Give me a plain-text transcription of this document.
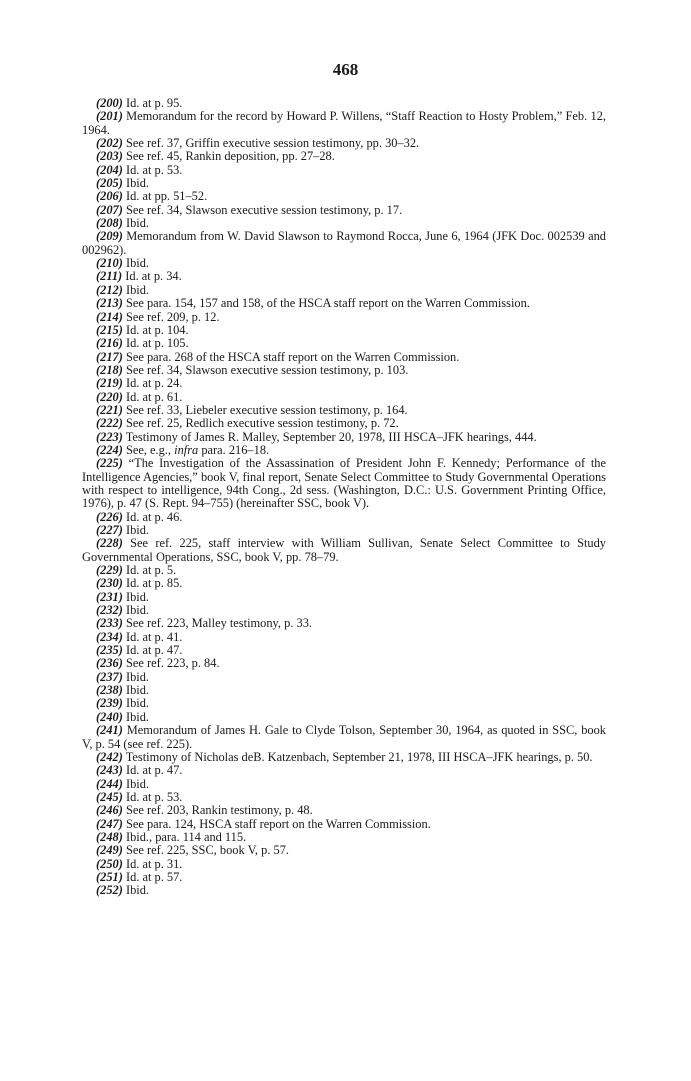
468

(200) Id. at p. 95.

(201) Memorandum for the record by Howard P. Willens, “Staff Reaction to Hosty Problem,” Feb. 12, 1964.

(202) See ref. 37, Griffin executive session testimony, pp. 30–32.

(203) See ref. 45, Rankin deposition, pp. 27–28.

(204) Id. at p. 53.

(205) Ibid.

(206) Id. at pp. 51–52.

(207) See ref. 34, Slawson executive session testimony, p. 17.

(208) Ibid.

(209) Memorandum from W. David Slawson to Raymond Rocca, June 6, 1964 (JFK Doc. 002539 and 002962).

(210) Ibid.

(211) Id. at p. 34.

(212) Ibid.

(213) See para. 154, 157 and 158, of the HSCA staff report on the Warren Commission.

(214) See ref. 209, p. 12.

(215) Id. at p. 104.

(216) Id. at p. 105.

(217) See para. 268 of the HSCA staff report on the Warren Commission.

(218) See ref. 34, Slawson executive session testimony, p. 103.

(219) Id. at p. 24.

(220) Id. at p. 61.

(221) See ref. 33, Liebeler executive session testimony, p. 164.

(222) See ref. 25, Redlich executive session testimony, p. 72.

(223) Testimony of James R. Malley, September 20, 1978, III HSCA–JFK hearings, 444.

(224) See, e.g., infra para. 216–18.

(225) “The Investigation of the Assassination of President John F. Kennedy; Performance of the Intelligence Agencies,” book V, final report, Senate Select Committee to Study Governmental Operations with respect to intelligence, 94th Cong., 2d sess. (Washington, D.C.: U.S. Government Printing Office, 1976), p. 47 (S. Rept. 94–755) (hereinafter SSC, book V).

(226) Id. at p. 46.

(227) Ibid.

(228) See ref. 225, staff interview with William Sullivan, Senate Select Committee to Study Governmental Operations, SSC, book V, pp. 78–79.

(229) Id. at p. 5.

(230) Id. at p. 85.

(231) Ibid.

(232) Ibid.

(233) See ref. 223, Malley testimony, p. 33.

(234) Id. at p. 41.

(235) Id. at p. 47.

(236) See ref. 223, p. 84.

(237) Ibid.

(238) Ibid.

(239) Ibid.

(240) Ibid.

(241) Memorandum of James H. Gale to Clyde Tolson, September 30, 1964, as quoted in SSC, book V, p. 54 (see ref. 225).

(242) Testimony of Nicholas deB. Katzenbach, September 21, 1978, III HSCA–JFK hearings, p. 50.

(243) Id. at p. 47.

(244) Ibid.

(245) Id. at p. 53.

(246) See ref. 203, Rankin testimony, p. 48.

(247) See para. 124, HSCA staff report on the Warren Commission.

(248) Ibid., para. 114 and 115.

(249) See ref. 225, SSC, book V, p. 57.

(250) Id. at p. 31.

(251) Id. at p. 57.

(252) Ibid.
